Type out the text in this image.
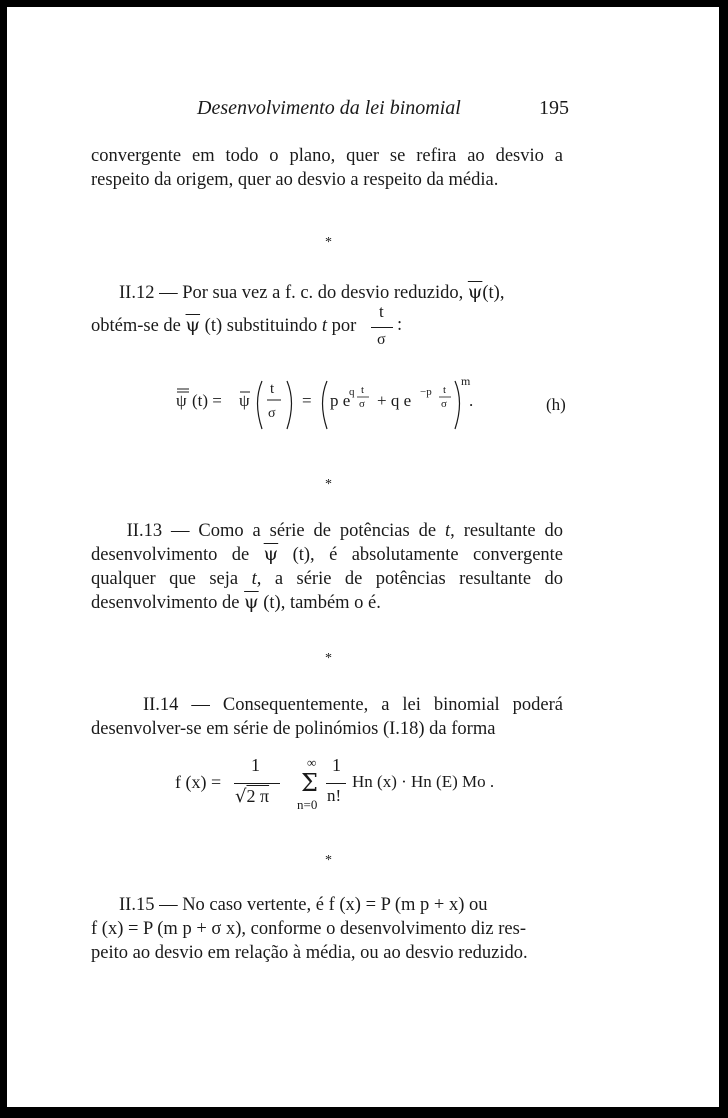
Desenvolvimento da lei binomial	195
convergente em todo o plano, quer se refira ao desvio a respeito da origem, quer ao desvio a respeito da média.
*
II.12 — Por sua vez a f. c. do desvio reduzido, $\overline{\psi}(t)$,
t
obtém-se de $\overline{\psi}$ (t) substituindo t por :
σ
ψ (t) = ψ
t
σ
= p e
q t
σ + q e −p t
σ
m
.	(h)
*
II.13 — Como a série de potências de t, resultante do desenvolvimento de $\overline{\psi}$ (t), é absolutamente convergente qualquer que seja t, a série de potências resultante do desenvolvimento de $\overline{\psi}$ (t), também o é.
*
II.14 — Consequentemente, a lei binomial poderá desenvolver-se em série de polinómios (I.18) da forma
f (x) =
1
√2 π
∞
Σ
n=0
1
n!
Hn (x) · Hn (E) Mo .
*
II.15 — No caso vertente, é f (x) = P (m p + x) ou
f (x) = P (m p + σ x), conforme o desenvolvimento diz res-
peito ao desvio em relação à média, ou ao desvio reduzido.
